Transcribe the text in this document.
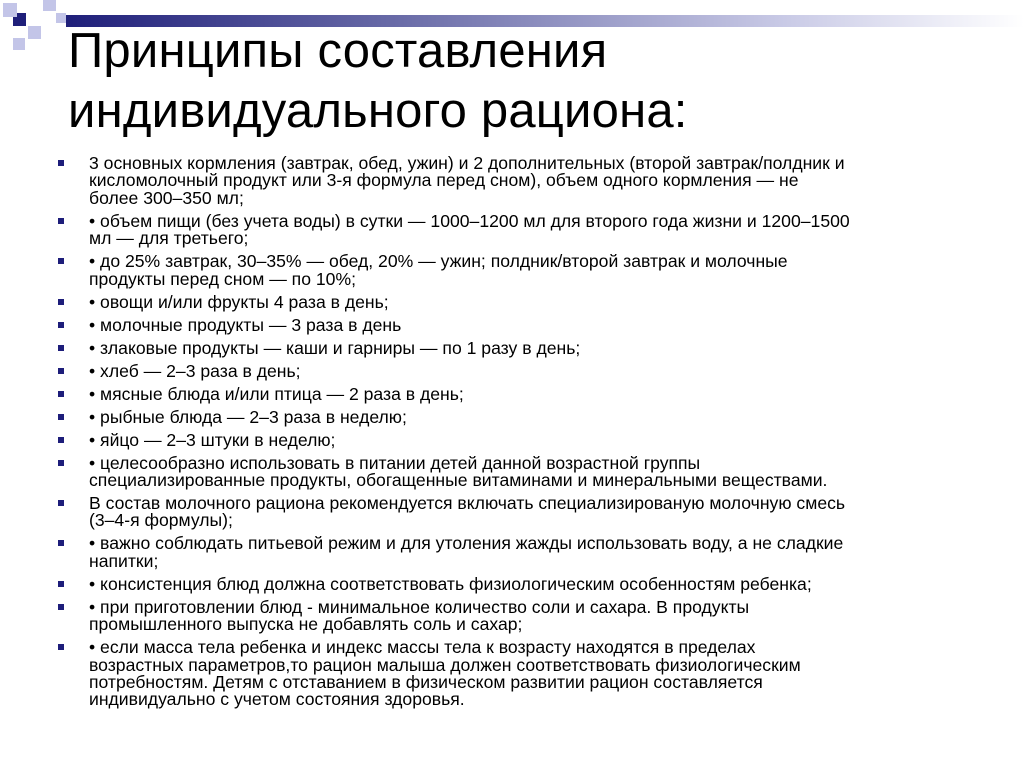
Принципы составления
индивидуального рациона:
3 основных кормления (завтрак, обед, ужин) и 2 дополнительных (второй завтрак/полдник и
кисломолочный продукт или 3-я формула перед сном), объем одного кормления — не
более 300–350 мл;
• объем пищи (без учета воды) в сутки — 1000–1200 мл для второго года жизни и 1200–1500
мл — для третьего;
• до 25% завтрак, 30–35% — обед, 20% — ужин; полдник/второй завтрак и молочные
продукты перед сном — по 10%;
• овощи и/или фрукты 4 раза в день;
• молочные продукты — 3 раза в день
• злаковые продукты — каши и гарниры — по 1 разу в день;
• хлеб — 2–3 раза в день;
• мясные блюда и/или птица — 2 раза в день;
• рыбные блюда — 2–3 раза в неделю;
• яйцо — 2–3 штуки в неделю;
• целесообразно использовать в питании детей данной возрастной группы
специализированные продукты, обогащенные витаминами и минеральными веществами.
В состав молочного рациона рекомендуется включать специализированую молочную смесь
(3–4-я формулы);
• важно соблюдать питьевой режим и для утоления жажды использовать воду, а не сладкие
напитки;
• консистенция блюд должна соответствовать физиологическим особенностям ребенка;
• при приготовлении блюд - минимальное количество соли и сахара. В продукты
промышленного выпуска не добавлять соль и сахар;
• если масса тела ребенка и индекс массы тела к возрасту находятся в пределах
возрастных параметров,то рацион малыша должен соответствовать физиологическим
потребностям. Детям с отставанием в физическом развитии рацион составляется
индивидуально с учетом состояния здоровья.
